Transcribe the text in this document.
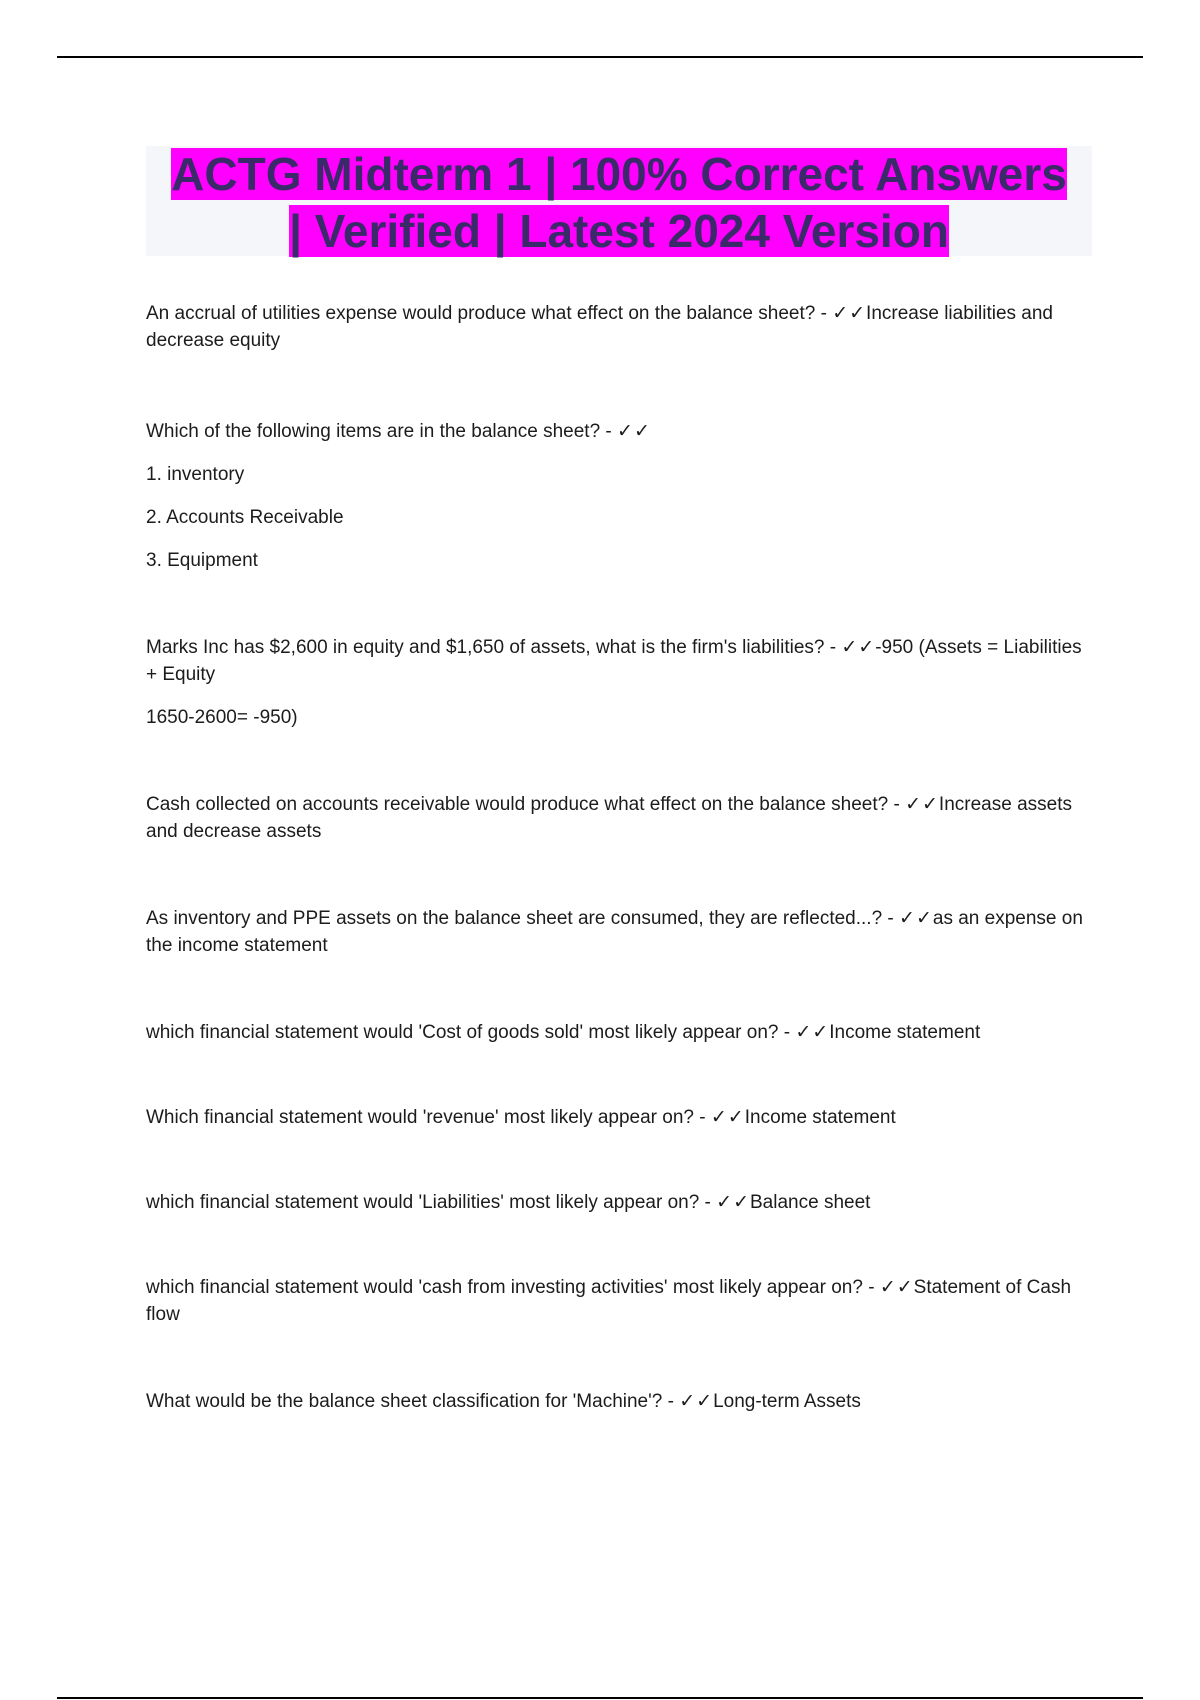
ACTG Midterm 1 | 100% Correct Answers
| Verified | Latest 2024 Version

An accrual of utilities expense would produce what effect on the balance sheet? - ✓✓Increase liabilities and decrease equity

Which of the following items are in the balance sheet? - ✓✓

1. inventory

2. Accounts Receivable

3. Equipment

Marks Inc has $2,600 in equity and $1,650 of assets, what is the firm's liabilities? - ✓✓-950 (Assets = Liabilities + Equity

1650-2600= -950)

Cash collected on accounts receivable would produce what effect on the balance sheet? - ✓✓Increase assets and decrease assets

As inventory and PPE assets on the balance sheet are consumed, they are reflected...? - ✓✓as an expense on the income statement

which financial statement would 'Cost of goods sold' most likely appear on? - ✓✓Income statement

Which financial statement would 'revenue' most likely appear on? - ✓✓Income statement

which financial statement would 'Liabilities' most likely appear on? - ✓✓Balance sheet

which financial statement would 'cash from investing activities' most likely appear on? - ✓✓Statement of Cash flow

What would be the balance sheet classification for 'Machine'? - ✓✓Long-term Assets
